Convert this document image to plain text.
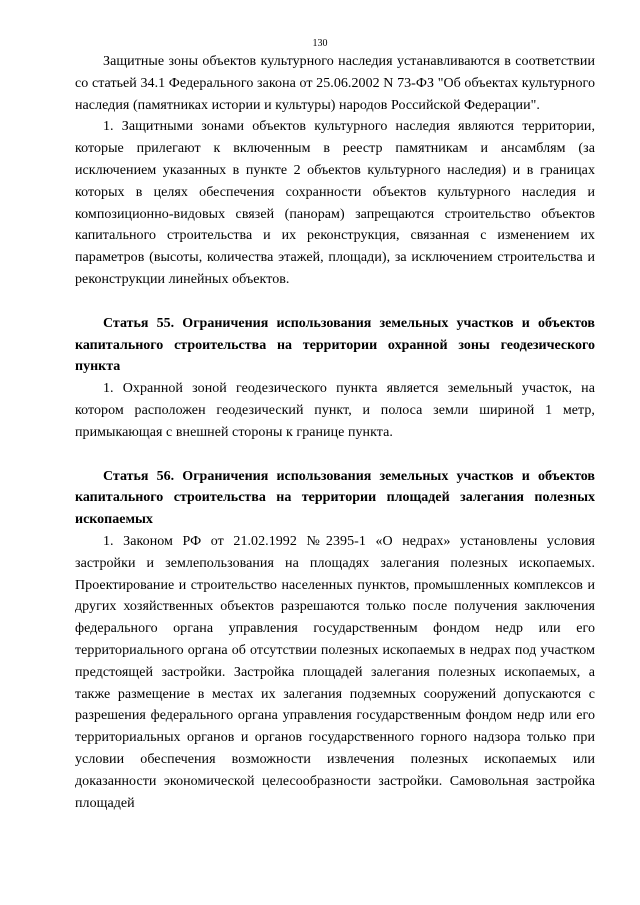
130

Защитные зоны объектов культурного наследия устанавливаются в соответствии со статьей 34.1 Федерального закона от 25.06.2002 N 73-ФЗ "Об объектах культурного наследия (памятниках истории и культуры) народов Российской Федерации".

1. Защитными зонами объектов культурного наследия являются территории, которые прилегают к включенным в реестр памятникам и ансамблям (за исключением указанных в пункте 2 объектов культурного наследия) и в границах которых в целях обеспечения сохранности объектов культурного наследия и композиционно-видовых связей (панорам) запрещаются строительство объектов капитального строительства и их реконструкция, связанная с изменением их параметров (высоты, количества этажей, площади), за исключением строительства и реконструкции линейных объектов.

Статья 55. Ограничения использования земельных участков и объектов капитального строительства на территории охранной зоны геодезического пункта

1. Охранной зоной геодезического пункта является земельный участок, на котором расположен геодезический пункт, и полоса земли шириной 1 метр, примыкающая с внешней стороны к границе пункта.

Статья 56. Ограничения использования земельных участков и объектов капитального строительства на территории площадей залегания полезных ископаемых

1. Законом РФ от 21.02.1992 №2395-1 «О недрах» установлены условия застройки и землепользования на площадях залегания полезных ископаемых. Проектирование и строительство населенных пунктов, промышленных комплексов и других хозяйственных объектов разрешаются только после получения заключения федерального органа управления государственным фондом недр или его территориального органа об отсутствии полезных ископаемых в недрах под участком предстоящей застройки. Застройка площадей залегания полезных ископаемых, а также размещение в местах их залегания подземных сооружений допускаются с разрешения федерального органа управления государственным фондом недр или его территориальных органов и органов государственного горного надзора только при условии обеспечения возможности извлечения полезных ископаемых или доказанности экономической целесообразности застройки. Самовольная застройка площадей
